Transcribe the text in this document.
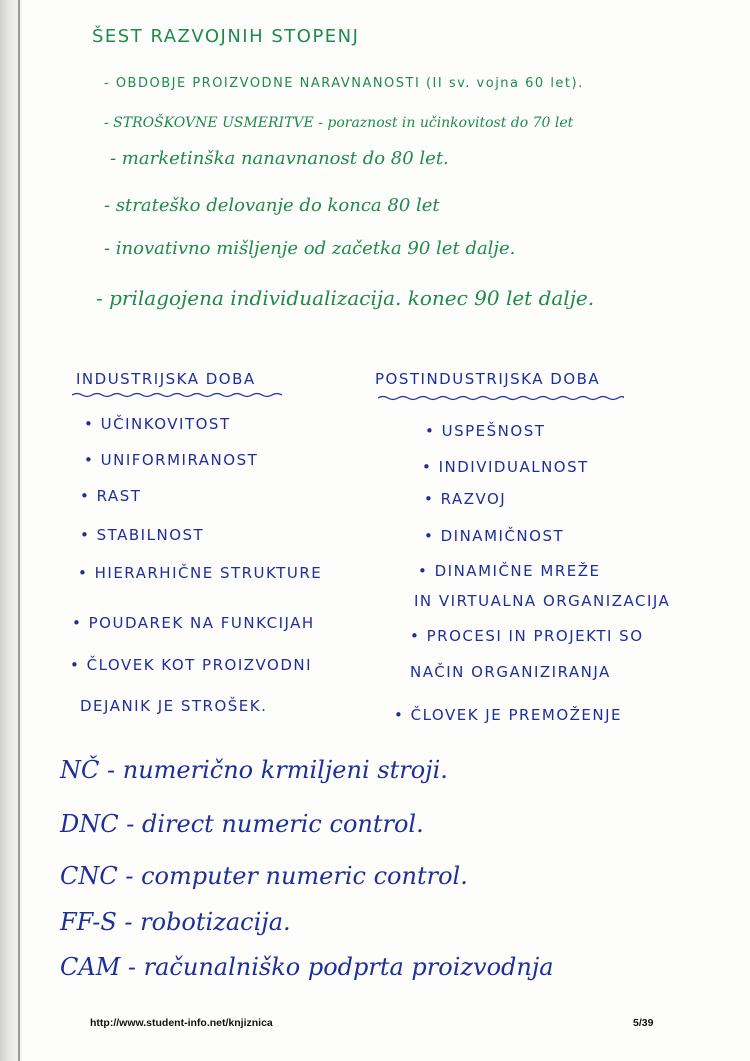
ŠEST RAZVOJNIH STOPENJ
- OBDOBJE PROIZVODNE NARAVNANOSTI (II sv. vojna 60 let).
- STROŠKOVNE USMERITVE - poraznost in učinkovitost do 70 let
- marketinška nanavnanost do 80 let.
- strateško delovanje do konca 80 let
- inovativno mišljenje od začetka 90 let dalje.
- prilagojena individualizacija. konec 90 let dalje.
INDUSTRIJSKA DOBA	POSTINDUSTRIJSKA DOBA
• UČINKOVITOST
• UNIFORMIRANOST
• RAST
• STABILNOST
• HIERARHIČNE STRUKTURE
• POUDAREK NA FUNKCIJAH
• ČLOVEK KOT PROIZVODNI
DEJANIK JE STROŠEK.
• USPEŠNOST
• INDIVIDUALNOST
• RAZVOJ
• DINAMIČNOST
• DINAMIČNE MREŽE
IN VIRTUALNA ORGANIZACIJA
• PROCESI IN PROJEKTI SO
NAČIN ORGANIZIRANJA
• ČLOVEK JE PREMOŽENJE
NČ - numerično krmiljeni stroji.
DNC - direct numeric control.
CNC - computer numeric control.
FF-S - robotizacija.
CAM - računalniško podprta proizvodnja
http://www.student-info.net/knjiznica	5/39
